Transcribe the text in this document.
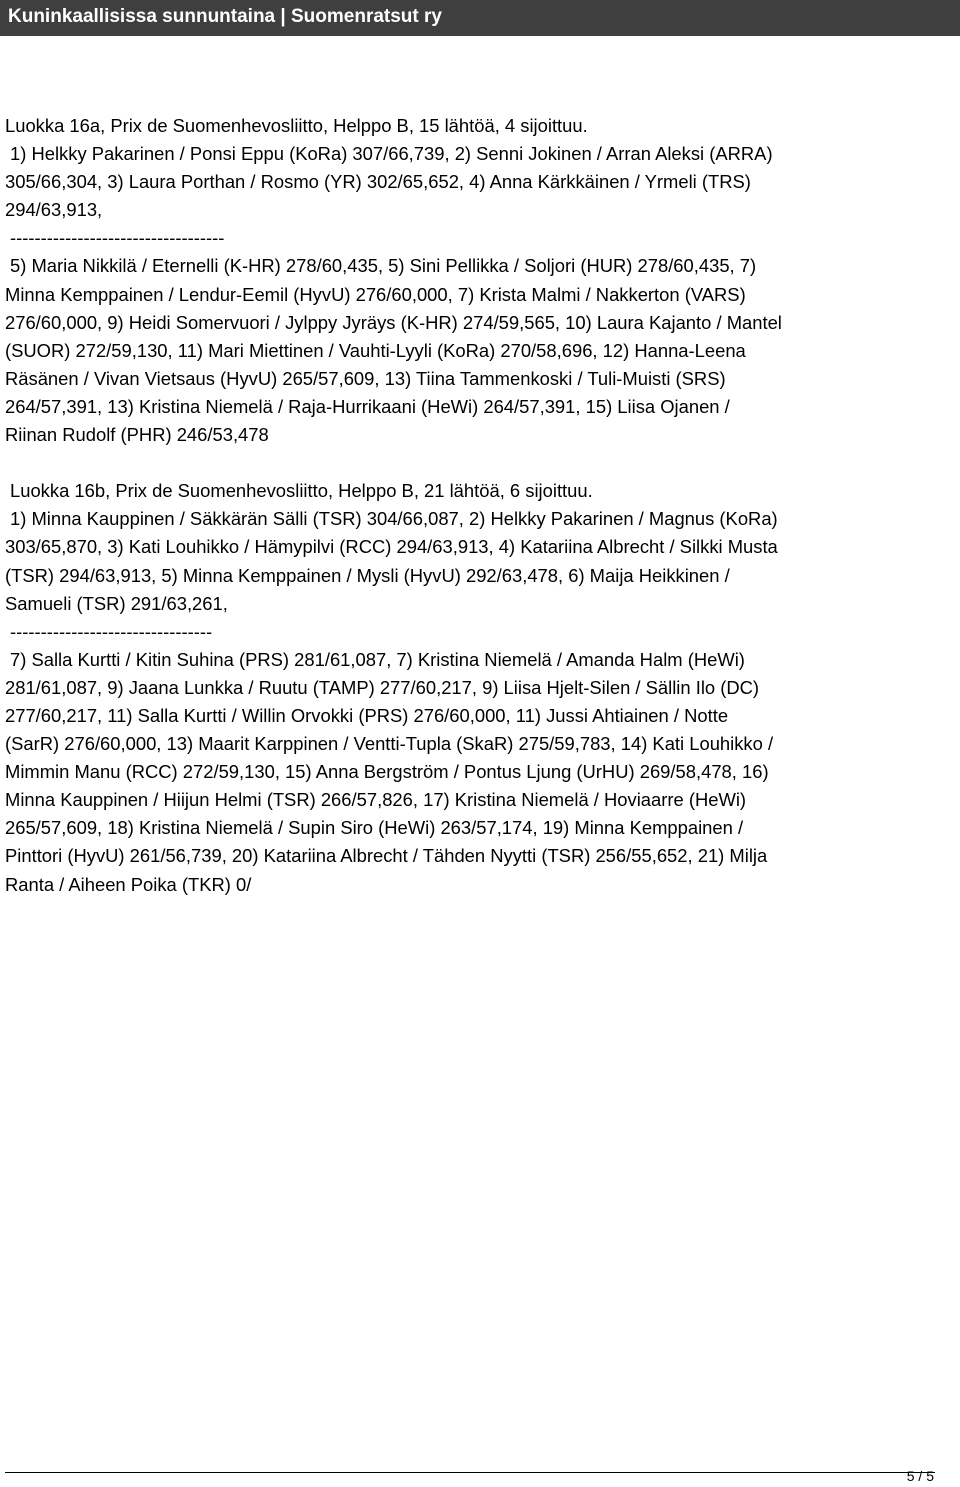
Kuninkaallisissa sunnuntaina | Suomenratsut ry
Luokka 16a, Prix de Suomenhevosliitto, Helppo B, 15 lähtöä, 4 sijoittuu.
1) Helkky Pakarinen / Ponsi Eppu (KoRa) 307/66,739, 2) Senni Jokinen / Arran Aleksi (ARRA)
305/66,304, 3) Laura Porthan / Rosmo (YR) 302/65,652, 4) Anna Kärkkäinen / Yrmeli (TRS)
294/63,913,
-----------------------------------
5) Maria Nikkilä / Eternelli (K-HR) 278/60,435, 5) Sini Pellikka / Soljori (HUR) 278/60,435, 7)
Minna Kemppainen / Lendur-Eemil (HyvU) 276/60,000, 7) Krista Malmi / Nakkerton (VARS)
276/60,000, 9) Heidi Somervuori / Jylppy Jyräys (K-HR) 274/59,565, 10) Laura Kajanto / Mantel
(SUOR) 272/59,130, 11) Mari Miettinen / Vauhti-Lyyli (KoRa) 270/58,696, 12) Hanna-Leena
Räsänen / Vivan Vietsaus (HyvU) 265/57,609, 13) Tiina Tammenkoski / Tuli-Muisti (SRS)
264/57,391, 13) Kristina Niemelä / Raja-Hurrikaani (HeWi) 264/57,391, 15) Liisa Ojanen /
Riinan Rudolf (PHR) 246/53,478
Luokka 16b, Prix de Suomenhevosliitto, Helppo B, 21 lähtöä, 6 sijoittuu.
1) Minna Kauppinen / Säkkärän Sälli (TSR) 304/66,087, 2) Helkky Pakarinen / Magnus (KoRa)
303/65,870, 3) Kati Louhikko / Hämypilvi (RCC) 294/63,913, 4) Katariina Albrecht / Silkki Musta
(TSR) 294/63,913, 5) Minna Kemppainen / Mysli (HyvU) 292/63,478, 6) Maija Heikkinen /
Samueli (TSR) 291/63,261,
---------------------------------
7) Salla Kurtti / Kitin Suhina (PRS) 281/61,087, 7) Kristina Niemelä / Amanda Halm (HeWi)
281/61,087, 9) Jaana Lunkka / Ruutu (TAMP) 277/60,217, 9) Liisa Hjelt-Silen / Sällin Ilo (DC)
277/60,217, 11) Salla Kurtti / Willin Orvokki (PRS) 276/60,000, 11) Jussi Ahtiainen / Notte
(SarR) 276/60,000, 13) Maarit Karppinen / Ventti-Tupla (SkaR) 275/59,783, 14) Kati Louhikko /
Mimmin Manu (RCC) 272/59,130, 15) Anna Bergström / Pontus Ljung (UrHU) 269/58,478, 16)
Minna Kauppinen / Hiijun Helmi (TSR) 266/57,826, 17) Kristina Niemelä / Hoviaarre (HeWi)
265/57,609, 18) Kristina Niemelä / Supin Siro (HeWi) 263/57,174, 19) Minna Kemppainen /
Pinttori (HyvU) 261/56,739, 20) Katariina Albrecht / Tähden Nyytti (TSR) 256/55,652, 21) Milja
Ranta / Aiheen Poika (TKR) 0/
5 / 5
